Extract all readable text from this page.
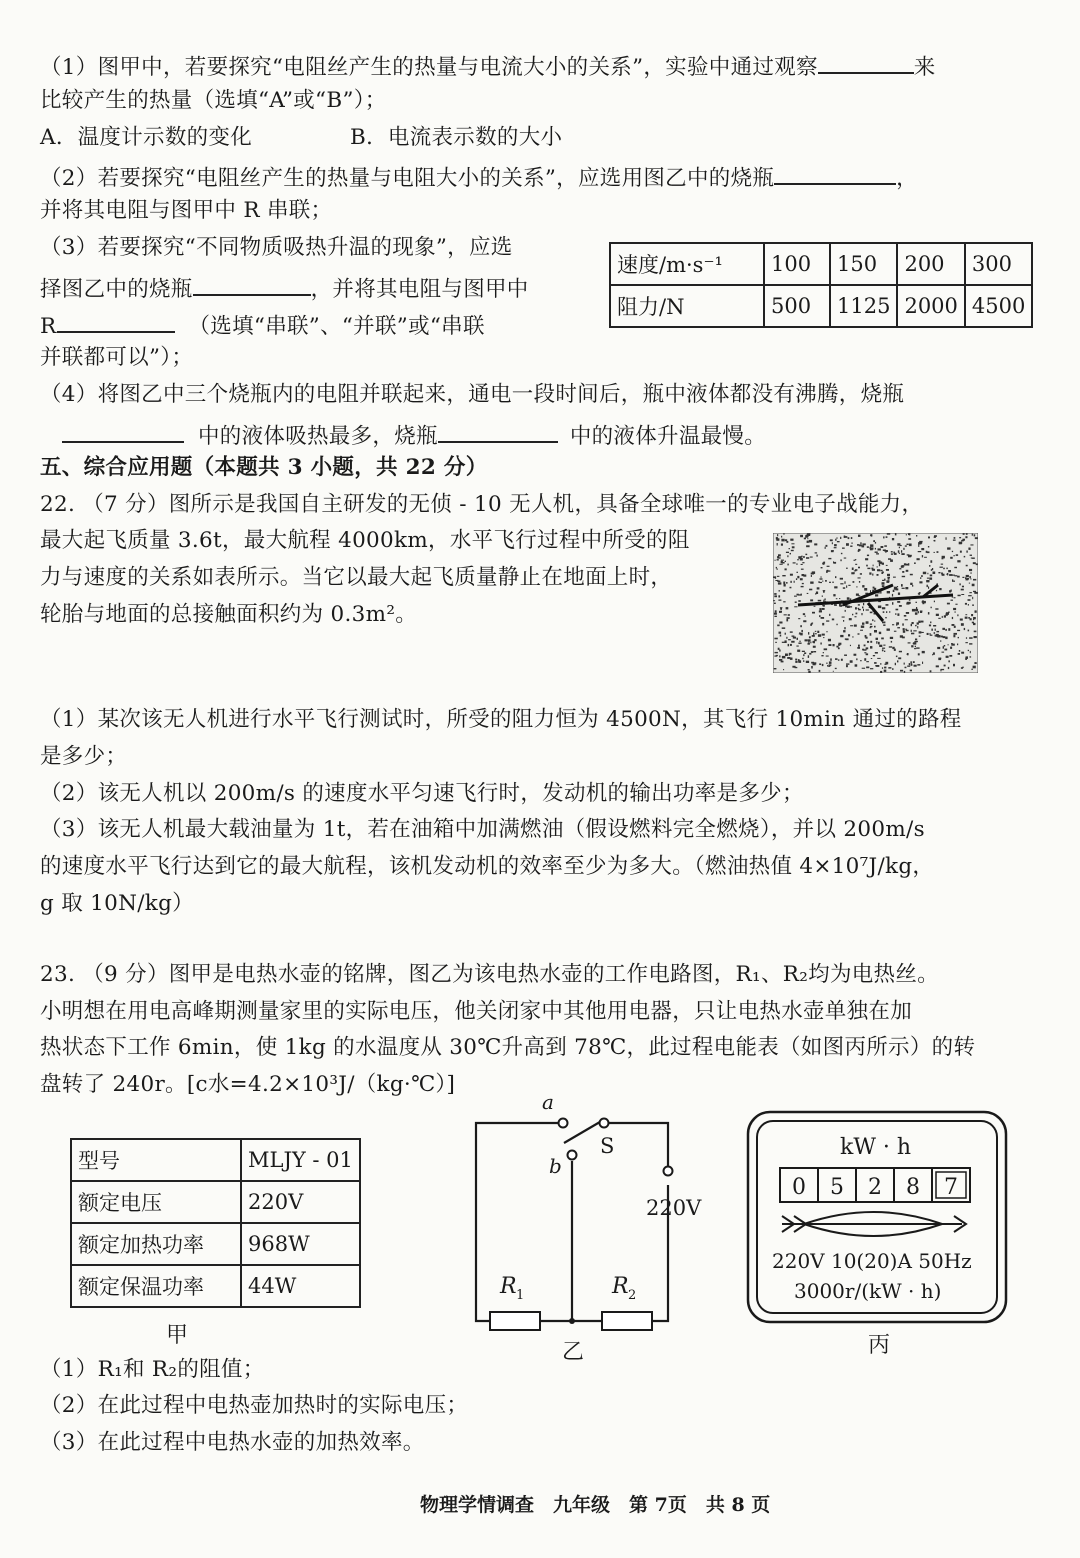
（1）图甲中，若要探究“电阻丝产生的热量与电流大小的关系”，实验中通过观察	来
比较产生的热量（选填“A”或“B”）；
A．温度计示数的变化	B．电流表示数的大小
（2）若要探究“电阻丝产生的热量与电阻大小的关系”，应选用图乙中的烧瓶	，
并将其电阻与图甲中 R 串联；
（3）若要探究“不同物质吸热升温的现象”，应选
择图乙中的烧瓶	，并将其电阻与图甲中
R	（选填“串联”、“并联”或“串联
并联都可以”）；
（4）将图乙中三个烧瓶内的电阻并联起来，通电一段时间后，瓶中液体都没有沸腾，烧瓶
中的液体吸热最多，烧瓶	中的液体升温最慢。
速度/m·s⁻¹	100	150	200	300
阻力/N	500	1125	2000	4500
五、综合应用题（本题共 3 小题，共 22 分）
22. （7 分）图所示是我国自主研发的无侦 - 10 无人机，具备全球唯一的专业电子战能力，
最大起飞质量 3.6t，最大航程 4000km，水平飞行过程中所受的阻
力与速度的关系如表所示。当它以最大起飞质量静止在地面上时，
轮胎与地面的总接触面积约为 0.3m²。
（1）某次该无人机进行水平飞行测试时，所受的阻力恒为 4500N，其飞行 10min 通过的路程
是多少；
（2）该无人机以 200m/s 的速度水平匀速飞行时，发动机的输出功率是多少；
（3）该无人机最大载油量为 1t，若在油箱中加满燃油（假设燃料完全燃烧），并以 200m/s
的速度水平飞行达到它的最大航程，该机发动机的效率至少为多大。（燃油热值 4×10⁷J/kg，
g 取 10N/kg）
23. （9 分）图甲是电热水壶的铭牌，图乙为该电热水壶的工作电路图，R₁、R₂均为电热丝。
小明想在用电高峰期测量家里的实际电压，他关闭家中其他用电器，只让电热水壶单独在加
热状态下工作 6min，使 1kg 的水温度从 30℃升高到 78℃，此过程电能表（如图丙所示）的转
盘转了 240r。[c水=4.2×10³J/（kg·℃）]
型号	MLJY - 01
额定电压	220V
额定加热功率	968W
额定保温功率	44W
甲
a
b
S
220V
R 1	R 2
乙
kW · h
0 5 2 8 7
220V 10(20)A 50Hz
3000r/(kW · h)
丙
（1）R₁和 R₂的阻值；
（2）在此过程中电热壶加热时的实际电压；
（3）在此过程中电热水壶的加热效率。
物理学情调查　九年级　第 7页　共 8 页
